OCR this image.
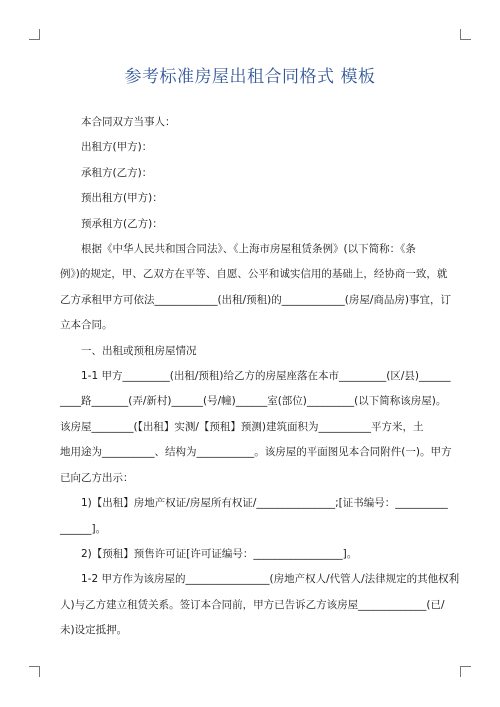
参考标准房屋出租合同格式 模板

本合同双方当事人：

出租方(甲方)：

承租方(乙方)：

预出租方(甲方)：

预承租方(乙方)：

根据《中华人民共和国合同法》、《上海市房屋租赁条例》(以下简称：《条

例》)的规定，甲、乙双方在平等、自愿、公平和诚实信用的基础上，经协商一致，就

乙方承租甲方可依法____________(出租/预租)的____________(房屋/商品房)事宜，订

立本合同。

一、出租或预租房屋情况

1-1 甲方_________(出租/预租)给乙方的房屋座落在本市_________(区/县)______

____路_______(弄/新村)______(号/幢)______室(部位)_________(以下简称该房屋)。

该房屋________(【出租】实测/【预租】预测)建筑面积为__________平方米，土

地用途为__________、结构为___________。该房屋的平面图见本合同附件(一)。甲方

已向乙方出示：

1)【出租】房地产权证/房屋所有权证/_______________;[证书编号：__________

______]。

2)【预租】预售许可证[许可证编号：_________________]。

1-2 甲方作为该房屋的________________(房地产权人/代管人/法律规定的其他权利

人)与乙方建立租赁关系。签订本合同前，甲方已告诉乙方该房屋_____________(已/

未)设定抵押。
